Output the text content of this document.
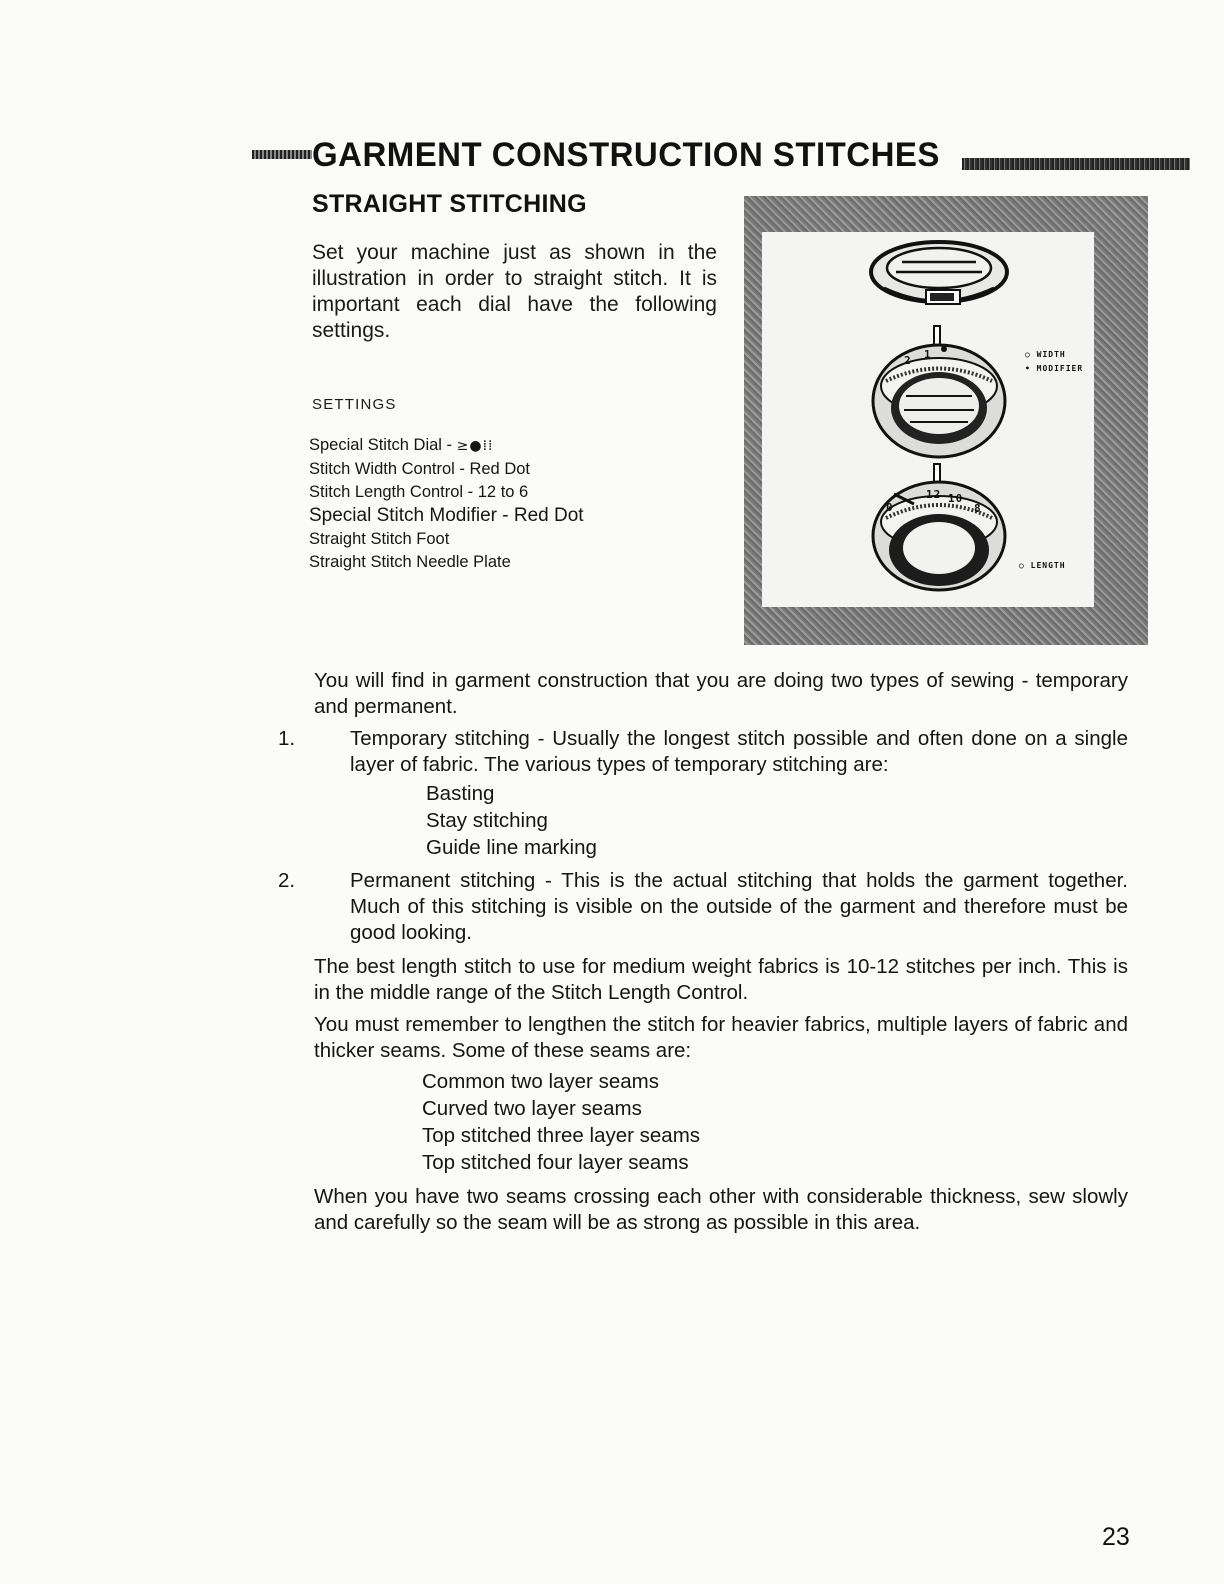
GARMENT CONSTRUCTION STITCHES
STRAIGHT STITCHING

Set your machine just as shown in the illustration in order to straight stitch. It is important each dial have the following settings.

SETTINGS

Special Stitch Dial - ≥●⁞⁞
Stitch Width Control - Red Dot
Stitch Length Control - 12 to 6
Special Stitch Modifier - Red Dot
Straight Stitch Foot
Straight Stitch Needle Plate
○ WIDTH
• MODIFIER
○ LENGTH
2 1
12 10
8
0

You will find in garment construction that you are doing two types of sewing - temporary and permanent.

1.	Temporary stitching - Usually the longest stitch possible and often done on a single layer of fabric. The various types of temporary stitching are:

Basting
Stay stitching
Guide line marking

2.	Permanent stitching - This is the actual stitching that holds the garment together. Much of this stitching is visible on the outside of the garment and therefore must be good looking.

The best length stitch to use for medium weight fabrics is 10-12 stitches per inch. This is in the middle range of the Stitch Length Control.

You must remember to lengthen the stitch for heavier fabrics, multiple layers of fabric and thicker seams. Some of these seams are:

Common two layer seams
Curved two layer seams
Top stitched three layer seams
Top stitched four layer seams

When you have two seams crossing each other with considerable thickness, sew slowly and carefully so the seam will be as strong as possible in this area.

23
